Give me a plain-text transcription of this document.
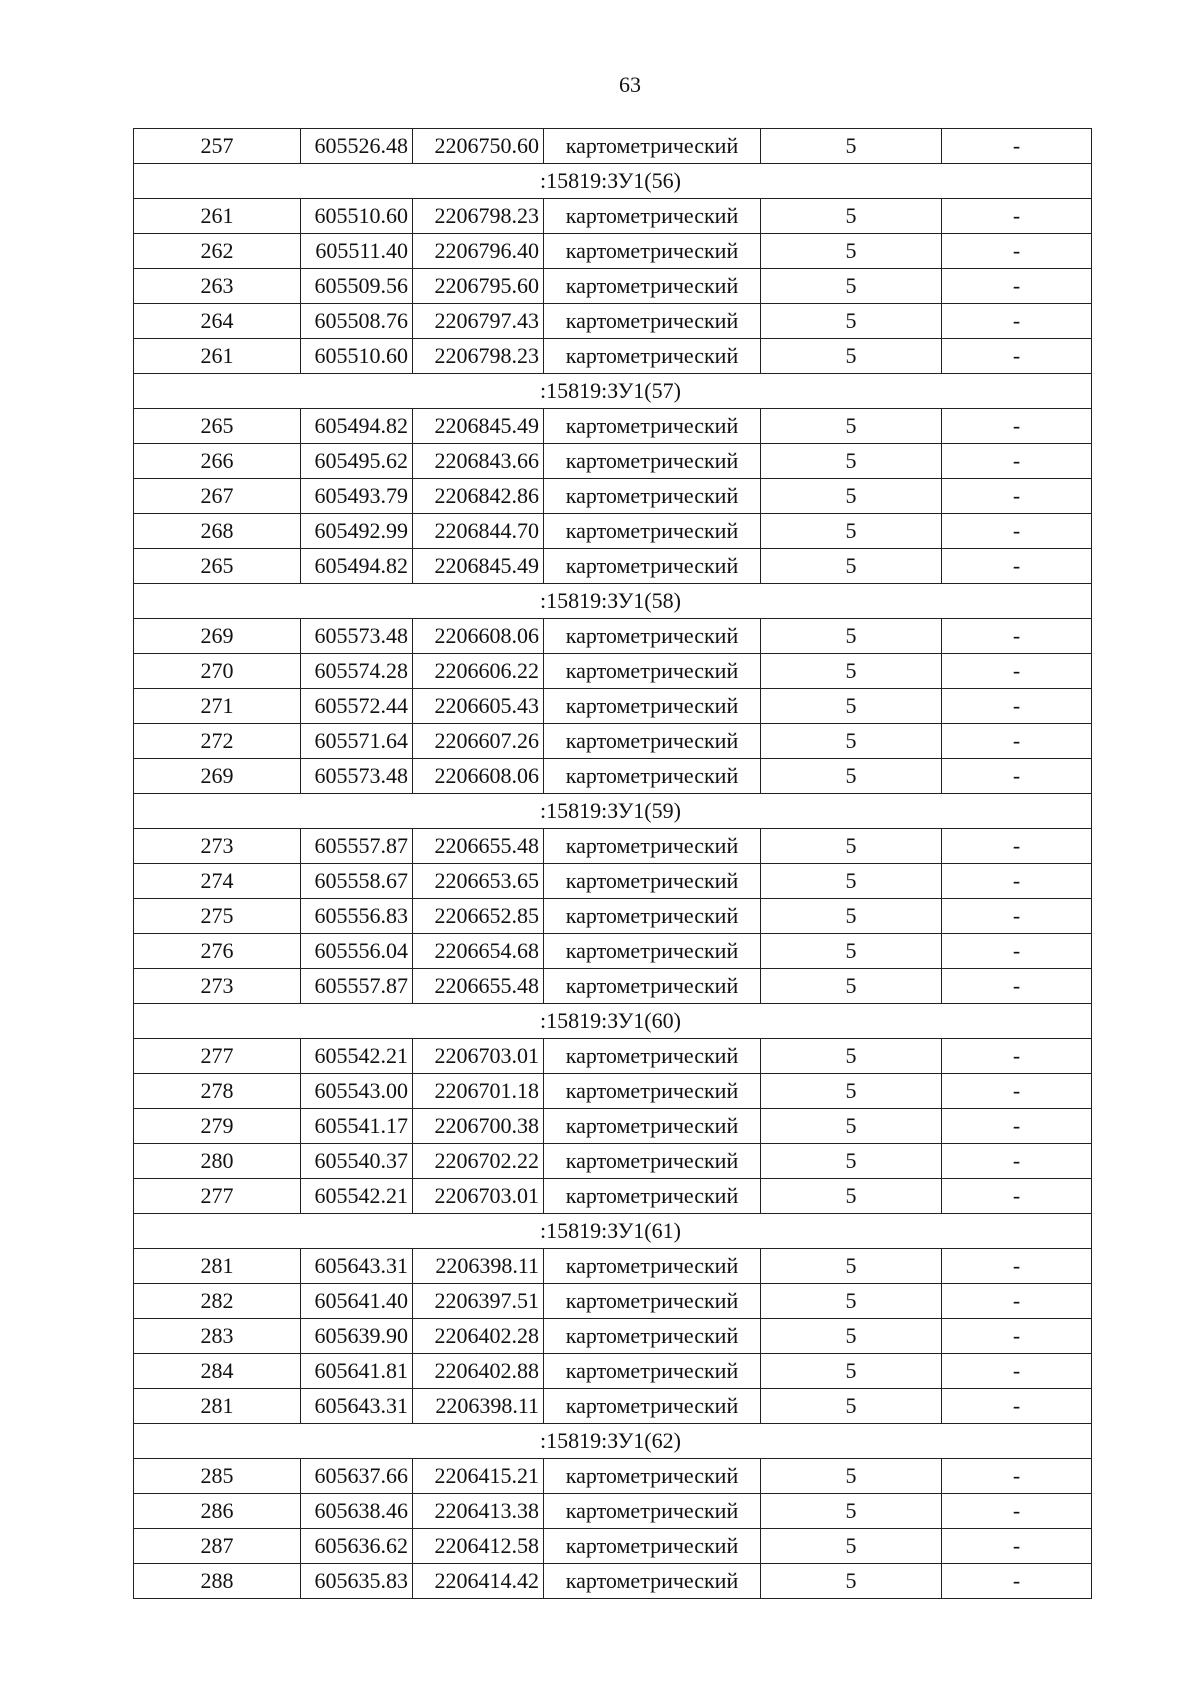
63
257	605526.48	2206750.60	картометрический	5	-
:15819:ЗУ1(56)					
261	605510.60	2206798.23	картометрический	5	-
262	605511.40	2206796.40	картометрический	5	-
263	605509.56	2206795.60	картометрический	5	-
264	605508.76	2206797.43	картометрический	5	-
261	605510.60	2206798.23	картометрический	5	-
:15819:ЗУ1(57)					
265	605494.82	2206845.49	картометрический	5	-
266	605495.62	2206843.66	картометрический	5	-
267	605493.79	2206842.86	картометрический	5	-
268	605492.99	2206844.70	картометрический	5	-
265	605494.82	2206845.49	картометрический	5	-
:15819:ЗУ1(58)					
269	605573.48	2206608.06	картометрический	5	-
270	605574.28	2206606.22	картометрический	5	-
271	605572.44	2206605.43	картометрический	5	-
272	605571.64	2206607.26	картометрический	5	-
269	605573.48	2206608.06	картометрический	5	-
:15819:ЗУ1(59)					
273	605557.87	2206655.48	картометрический	5	-
274	605558.67	2206653.65	картометрический	5	-
275	605556.83	2206652.85	картометрический	5	-
276	605556.04	2206654.68	картометрический	5	-
273	605557.87	2206655.48	картометрический	5	-
:15819:ЗУ1(60)					
277	605542.21	2206703.01	картометрический	5	-
278	605543.00	2206701.18	картометрический	5	-
279	605541.17	2206700.38	картометрический	5	-
280	605540.37	2206702.22	картометрический	5	-
277	605542.21	2206703.01	картометрический	5	-
:15819:ЗУ1(61)					
281	605643.31	2206398.11	картометрический	5	-
282	605641.40	2206397.51	картометрический	5	-
283	605639.90	2206402.28	картометрический	5	-
284	605641.81	2206402.88	картометрический	5	-
281	605643.31	2206398.11	картометрический	5	-
:15819:ЗУ1(62)					
285	605637.66	2206415.21	картометрический	5	-
286	605638.46	2206413.38	картометрический	5	-
287	605636.62	2206412.58	картометрический	5	-
288	605635.83	2206414.42	картометрический	5	-
